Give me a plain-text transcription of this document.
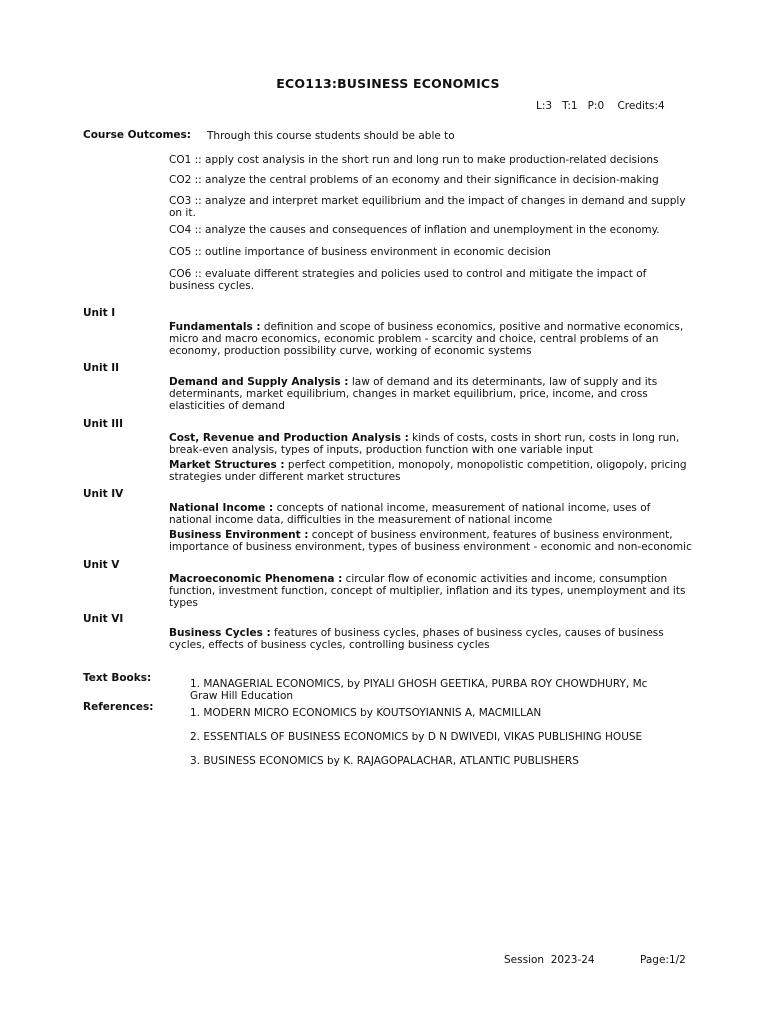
ECO113:BUSINESS ECONOMICS
L:3   T:1   P:0    Credits:4
Course Outcomes: Through this course students should be able to
CO1 :: apply cost analysis in the short run and long run to make production-related decisions
CO2 :: analyze the central problems of an economy and their significance in decision-making
CO3 :: analyze and interpret market equilibrium and the impact of changes in demand and supply on it.
CO4 :: analyze the causes and consequences of inflation and unemployment in the economy.
CO5 :: outline importance of business environment in economic decision
CO6 :: evaluate different strategies and policies used to control and mitigate the impact of business cycles.
Unit I
Fundamentals : definition and scope of business economics, positive and normative economics, micro and macro economics, economic problem - scarcity and choice, central problems of an economy, production possibility curve, working of economic systems
Unit II
Demand and Supply Analysis : law of demand and its determinants, law of supply and its determinants, market equilibrium, changes in market equilibrium, price, income, and cross elasticities of demand
Unit III
Cost, Revenue and Production Analysis : kinds of costs, costs in short run, costs in long run, break-even analysis, types of inputs, production function with one variable input
Market Structures : perfect competition, monopoly, monopolistic competition, oligopoly, pricing strategies under different market structures
Unit IV
National Income : concepts of national income, measurement of national income, uses of national income data, difficulties in the measurement of national income
Business Environment : concept of business environment, features of business environment, importance of business environment, types of business environment - economic and non-economic
Unit V
Macroeconomic Phenomena : circular flow of economic activities and income, consumption function, investment function, concept of multiplier, inflation and its types, unemployment and its types
Unit VI
Business Cycles : features of business cycles, phases of business cycles, causes of business cycles, effects of business cycles, controlling business cycles
Text Books:	1. MANAGERIAL ECONOMICS, by PIYALI GHOSH GEETIKA, PURBA ROY CHOWDHURY, Mc Graw Hill Education
References:	1. MODERN MICRO ECONOMICS by KOUTSOYIANNIS A, MACMILLAN
2. ESSENTIALS OF BUSINESS ECONOMICS by D N DWIVEDI, VIKAS PUBLISHING HOUSE
3. BUSINESS ECONOMICS by K. RAJAGOPALACHAR, ATLANTIC PUBLISHERS
Session  2023-24	Page:1/2
